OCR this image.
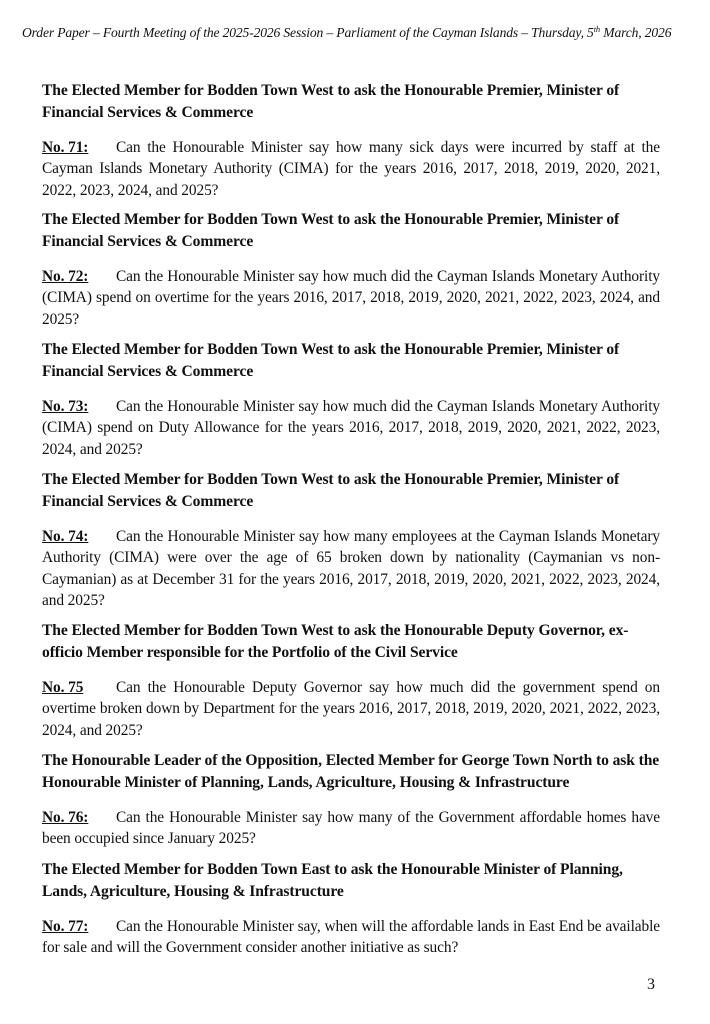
Order Paper – Fourth Meeting of the 2025-2026 Session – Parliament of the Cayman Islands – Thursday, 5th March, 2026

The Elected Member for Bodden Town West to ask the Honourable Premier, Minister of Financial Services & Commerce

No. 71: Can the Honourable Minister say how many sick days were incurred by staff at the Cayman Islands Monetary Authority (CIMA) for the years 2016, 2017, 2018, 2019, 2020, 2021, 2022, 2023, 2024, and 2025?

The Elected Member for Bodden Town West to ask the Honourable Premier, Minister of Financial Services & Commerce

No. 72: Can the Honourable Minister say how much did the Cayman Islands Monetary Authority (CIMA) spend on overtime for the years 2016, 2017, 2018, 2019, 2020, 2021, 2022, 2023, 2024, and 2025?

The Elected Member for Bodden Town West to ask the Honourable Premier, Minister of Financial Services & Commerce

No. 73: Can the Honourable Minister say how much did the Cayman Islands Monetary Authority (CIMA) spend on Duty Allowance for the years 2016, 2017, 2018, 2019, 2020, 2021, 2022, 2023, 2024, and 2025?

The Elected Member for Bodden Town West to ask the Honourable Premier, Minister of Financial Services & Commerce

No. 74: Can the Honourable Minister say how many employees at the Cayman Islands Monetary Authority (CIMA) were over the age of 65 broken down by nationality (Caymanian vs non-Caymanian) as at December 31 for the years 2016, 2017, 2018, 2019, 2020, 2021, 2022, 2023, 2024, and 2025?

The Elected Member for Bodden Town West to ask the Honourable Deputy Governor, ex-officio Member responsible for the Portfolio of the Civil Service

No. 75 Can the Honourable Deputy Governor say how much did the government spend on overtime broken down by Department for the years 2016, 2017, 2018, 2019, 2020, 2021, 2022, 2023, 2024, and 2025?

The Honourable Leader of the Opposition, Elected Member for George Town North to ask the Honourable Minister of Planning, Lands, Agriculture, Housing & Infrastructure

No. 76: Can the Honourable Minister say how many of the Government affordable homes have been occupied since January 2025?

The Elected Member for Bodden Town East to ask the Honourable Minister of Planning, Lands, Agriculture, Housing & Infrastructure

No. 77: Can the Honourable Minister say, when will the affordable lands in East End be available for sale and will the Government consider another initiative as such?

3
